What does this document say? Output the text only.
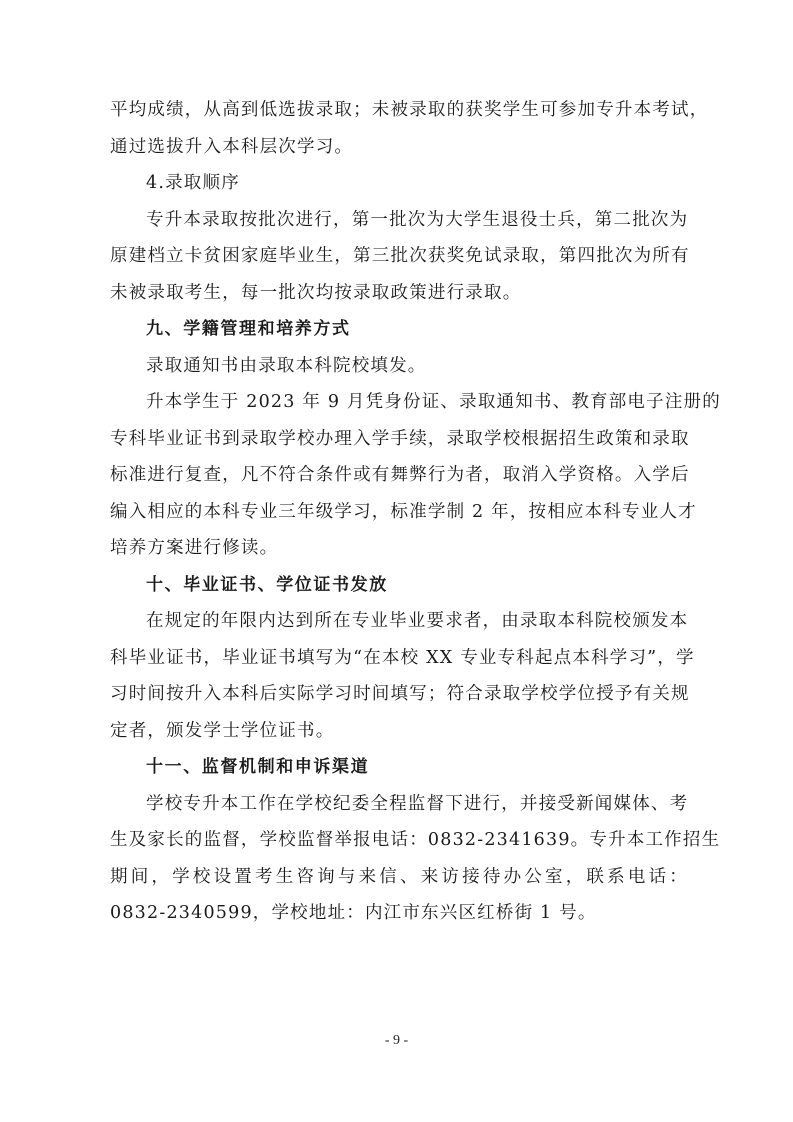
平均成绩，从高到低选拔录取；未被录取的获奖学生可参加专升本考试，
通过选拔升入本科层次学习。
4.录取顺序
专升本录取按批次进行，第一批次为大学生退役士兵，第二批次为
原建档立卡贫困家庭毕业生，第三批次获奖免试录取，第四批次为所有
未被录取考生，每一批次均按录取政策进行录取。
九、学籍管理和培养方式
录取通知书由录取本科院校填发。
升本学生于 2023 年 9 月凭身份证、录取通知书、教育部电子注册的
专科毕业证书到录取学校办理入学手续，录取学校根据招生政策和录取
标准进行复查，凡不符合条件或有舞弊行为者，取消入学资格。入学后
编入相应的本科专业三年级学习，标准学制 2 年，按相应本科专业人才
培养方案进行修读。
十、毕业证书、学位证书发放
在规定的年限内达到所在专业毕业要求者，由录取本科院校颁发本
科毕业证书，毕业证书填写为“在本校 XX 专业专科起点本科学习”，学
习时间按升入本科后实际学习时间填写；符合录取学校学位授予有关规
定者，颁发学士学位证书。
十一、监督机制和申诉渠道
学校专升本工作在学校纪委全程监督下进行，并接受新闻媒体、考
生及家长的监督，学校监督举报电话：0832-2341639。专升本工作招生
期间，学校设置考生咨询与来信、来访接待办公室，联系电话：
0832-2340599，学校地址：内江市东兴区红桥街 1 号。
- 9 -
